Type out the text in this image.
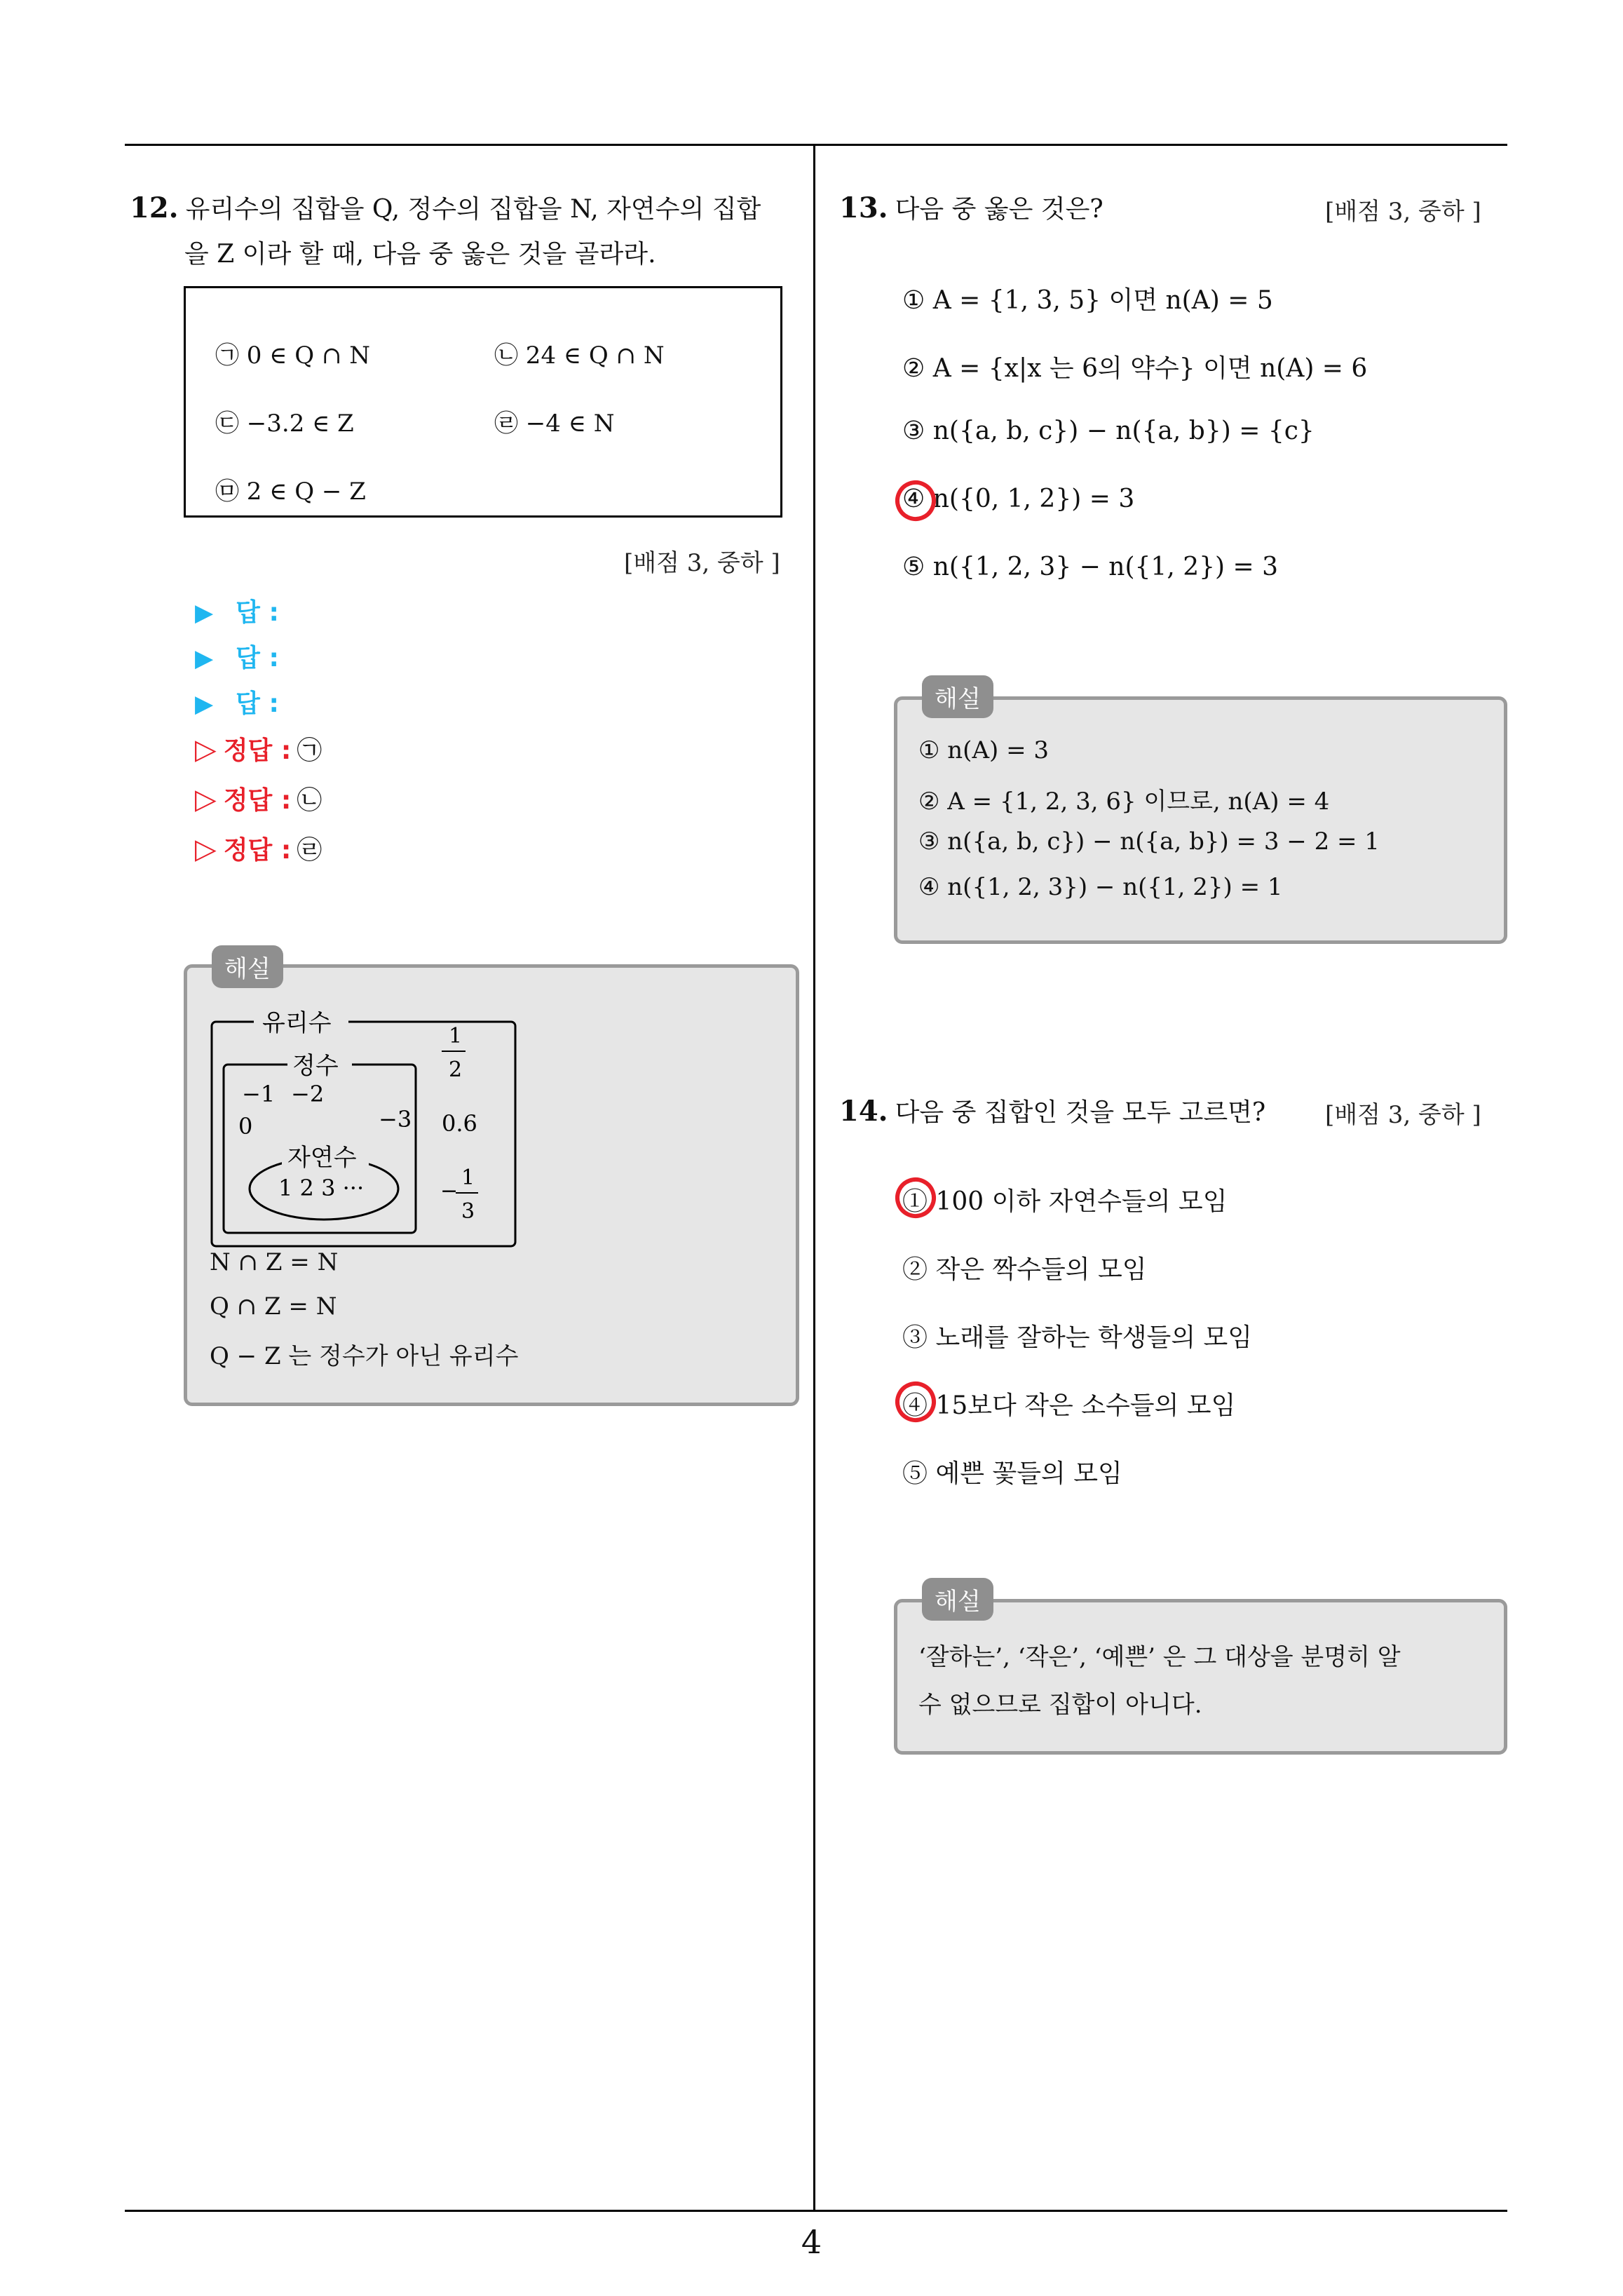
12. 유리수의 집합을 Q, 정수의 집합을 N, 자연수의 집합
을 Z 이라 할 때, 다음 중 옳은 것을 골라라.
㉠ 0 ∈ Q ∩ N	㉡ 24 ∈ Q ∩ N
㉢ −3.2 ∈ Z	㉣ −4 ∈ N
㉤ 2 ∈ Q − Z
[배점 3, 중하 ]
▶ 답 :
▶ 답 :
▶ 답 :
▷ 정답 : ㉠
▷ 정답 : ㉡
▷ 정답 : ㉣
유리수
정수
자연수
−1 −2
0	−3
1 2 3 ···
1
2
0.6
−
1
3
N ∩ Z = N
Q ∩ Z = N
Q − Z 는 정수가 아닌 유리수
해설
13. 다음 중 옳은 것은?	[배점 3, 중하 ]
① A = {1, 3, 5} 이면 n(A) = 5
② A = {x|x 는 6의 약수} 이면 n(A) = 6
③ n({a, b, c}) − n({a, b}) = {c}
④ n({0, 1, 2}) = 3
⑤ n({1, 2, 3} − n({1, 2}) = 3
① n(A) = 3
② A = {1, 2, 3, 6} 이므로, n(A) = 4
③ n({a, b, c}) − n({a, b}) = 3 − 2 = 1
④ n({1, 2, 3}) − n({1, 2}) = 1
해설
14. 다음 중 집합인 것을 모두 고르면? [배점 3, 중하 ]
① 100 이하 자연수들의 모임
② 작은 짝수들의 모임
③ 노래를 잘하는 학생들의 모임
④ 15보다 작은 소수들의 모임
⑤ 예쁜 꽃들의 모임
‘잘하는’, ‘작은’, ‘예쁜’ 은 그 대상을 분명히 알
수 없으므로 집합이 아니다.
해설
4
